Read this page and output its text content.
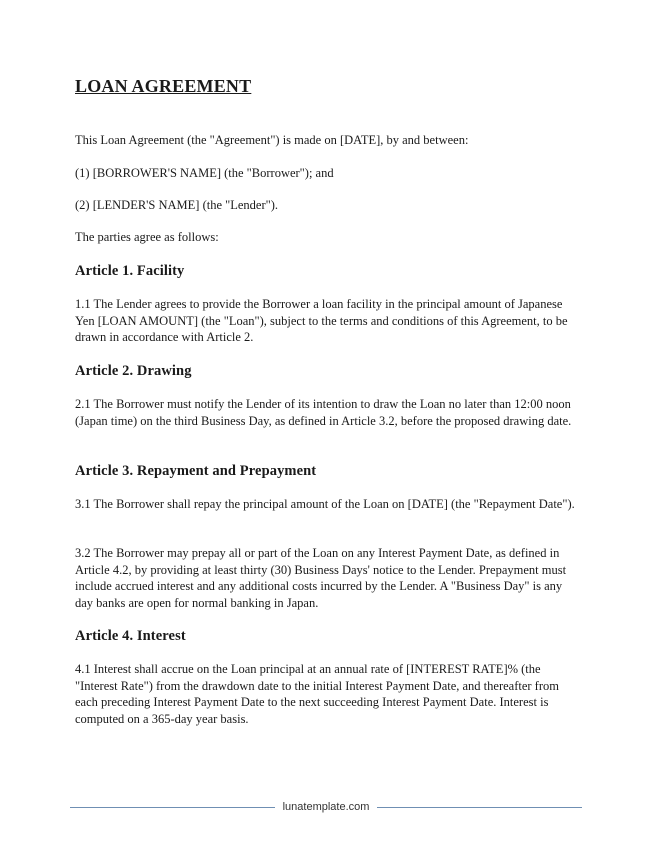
LOAN AGREEMENT

This Loan Agreement (the "Agreement") is made on [DATE], by and between:

(1) [BORROWER'S NAME] (the "Borrower"); and

(2) [LENDER'S NAME] (the "Lender").

The parties agree as follows:

Article 1. Facility

1.1 The Lender agrees to provide the Borrower a loan facility in the principal amount of Japanese Yen [LOAN AMOUNT] (the "Loan"), subject to the terms and conditions of this Agreement, to be drawn in accordance with Article 2.

Article 2. Drawing

2.1 The Borrower must notify the Lender of its intention to draw the Loan no later than 12:00 noon (Japan time) on the third Business Day, as defined in Article 3.2, before the proposed drawing date.

Article 3. Repayment and Prepayment

3.1 The Borrower shall repay the principal amount of the Loan on [DATE] (the "Repayment Date").

3.2 The Borrower may prepay all or part of the Loan on any Interest Payment Date, as defined in Article 4.2, by providing at least thirty (30) Business Days' notice to the Lender. Prepayment must include accrued interest and any additional costs incurred by the Lender. A "Business Day" is any day banks are open for normal banking in Japan.

Article 4. Interest

4.1 Interest shall accrue on the Loan principal at an annual rate of [INTEREST RATE]% (the "Interest Rate") from the drawdown date to the initial Interest Payment Date, and thereafter from each preceding Interest Payment Date to the next succeeding Interest Payment Date. Interest is computed on a 365-day year basis.

lunatemplate.com
